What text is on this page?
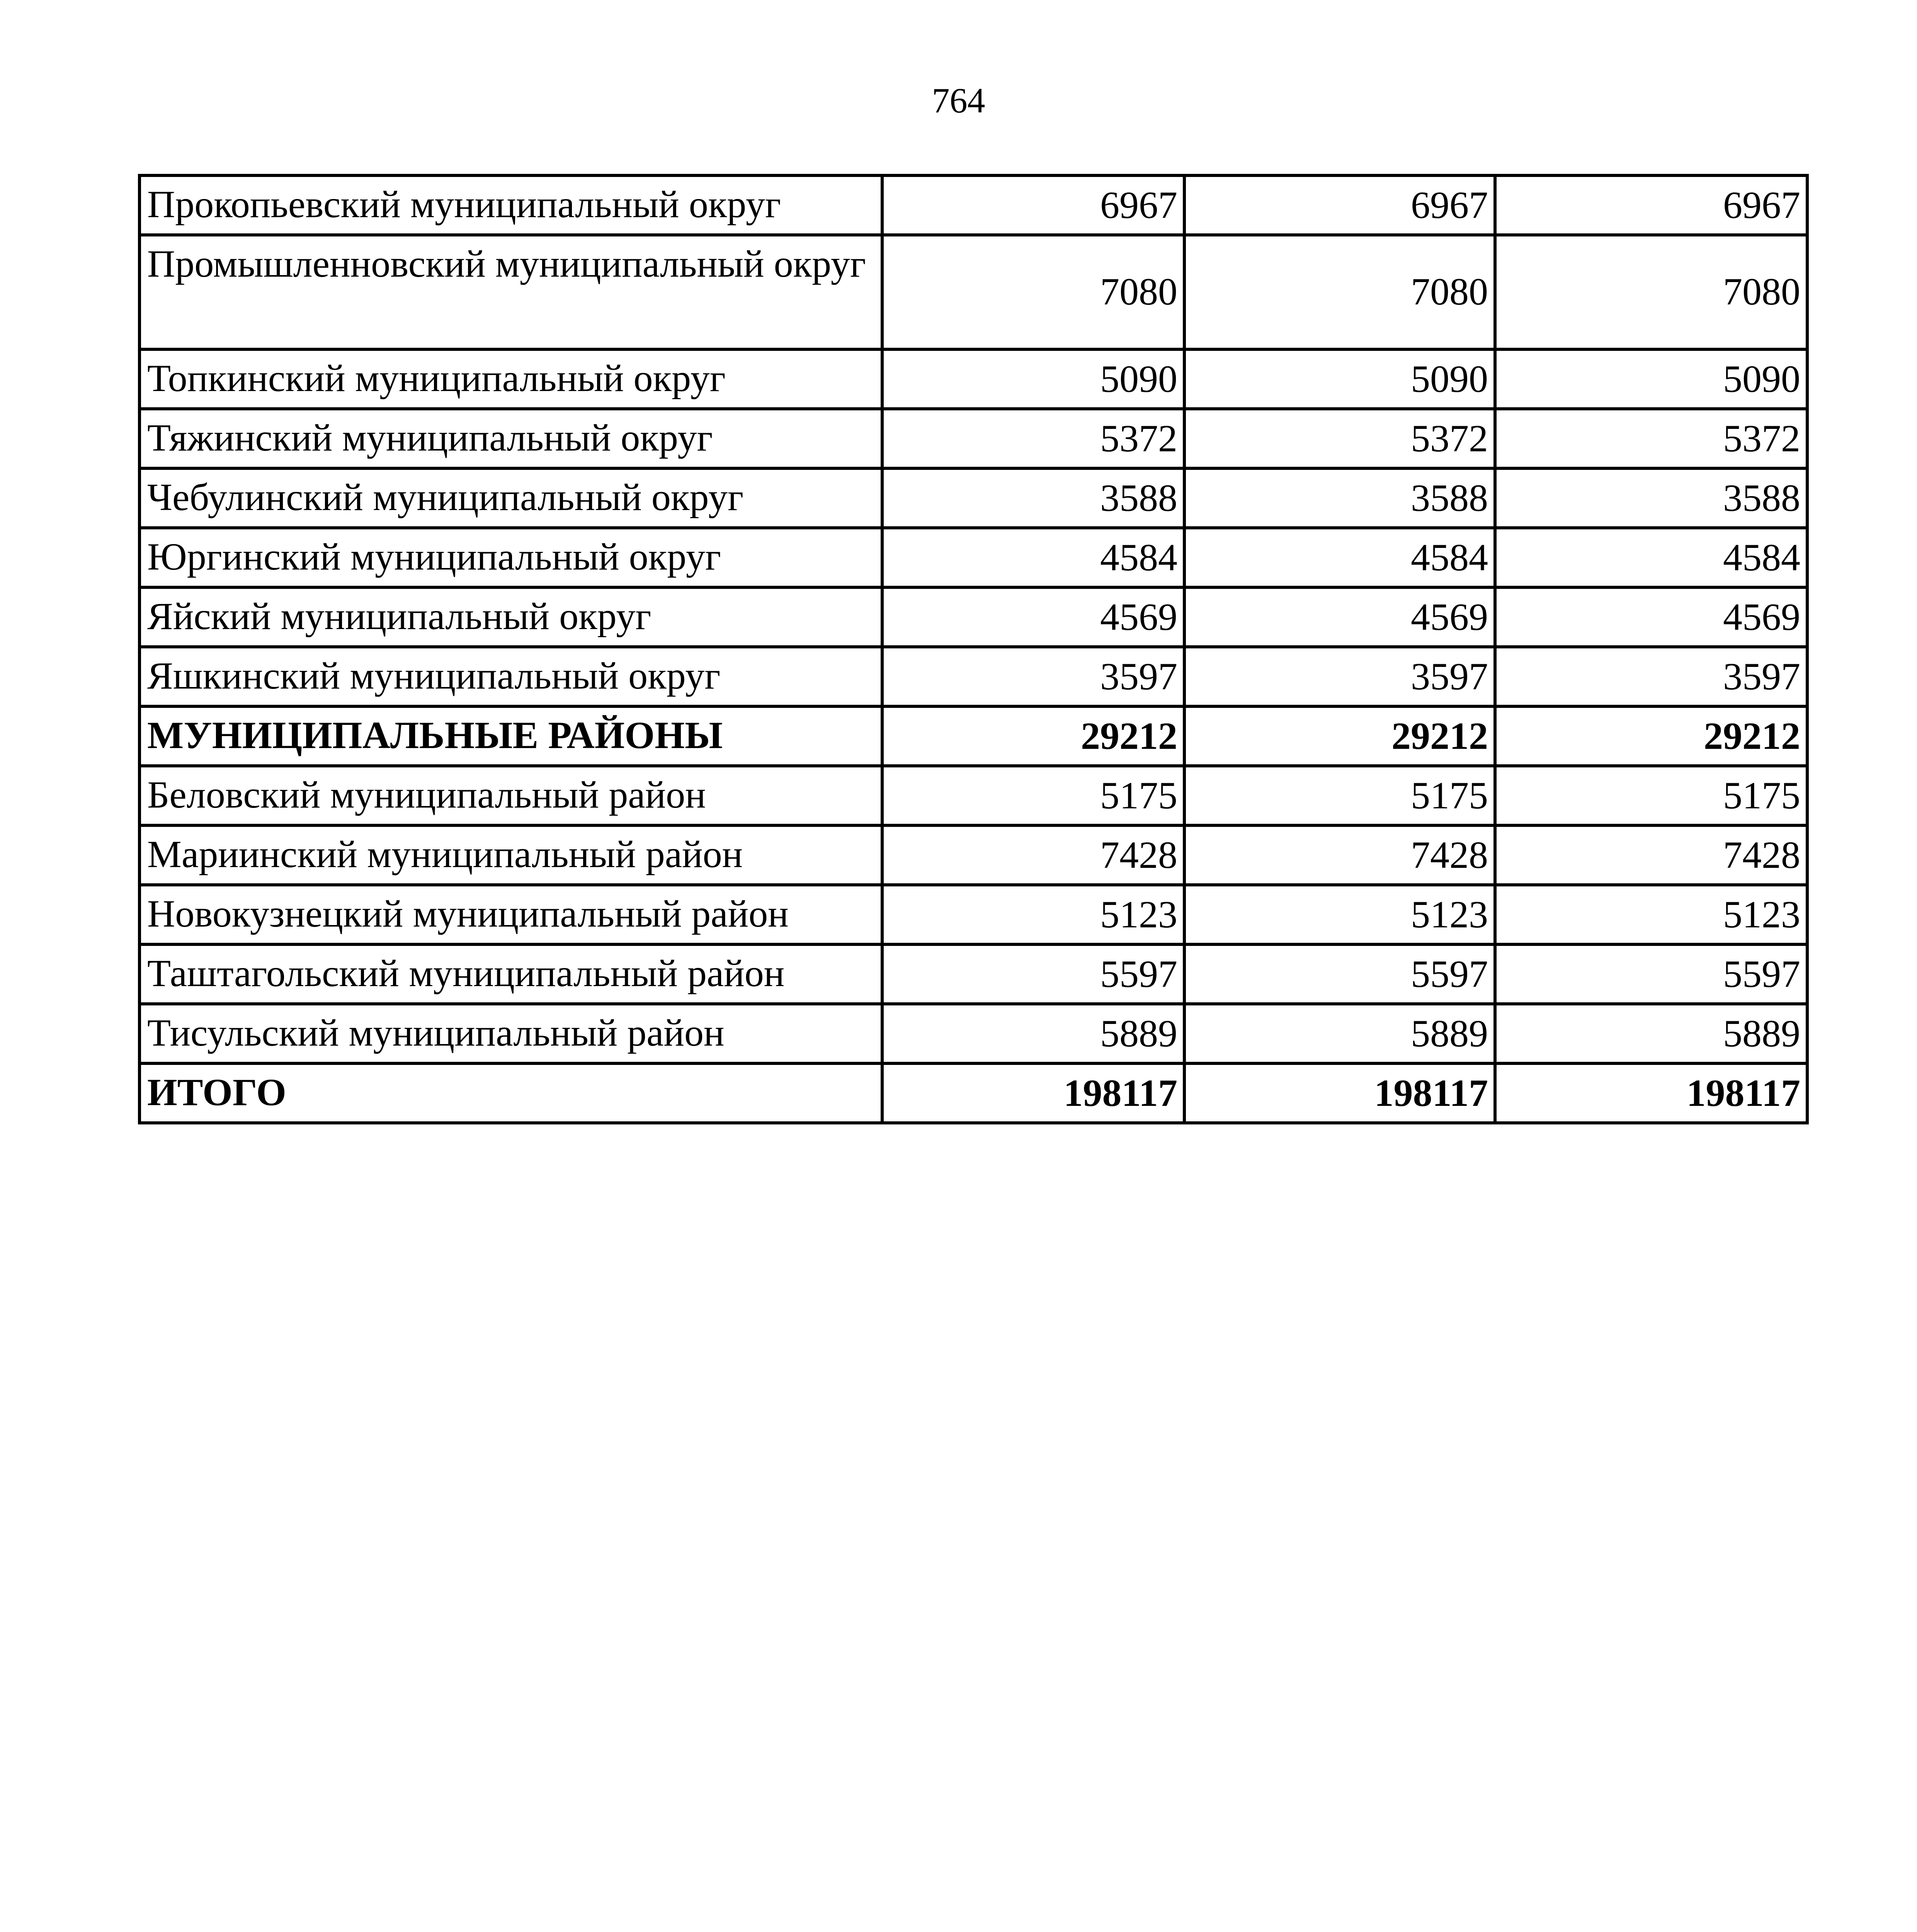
764
Прокопьевский муниципальный округ	6967	6967	6967
Промышленновский муниципальный округ	7080	7080	7080
Топкинский муниципальный округ	5090	5090	5090
Тяжинский муниципальный округ	5372	5372	5372
Чебулинский муниципальный округ	3588	3588	3588
Юргинский муниципальный округ	4584	4584	4584
Яйский муниципальный округ	4569	4569	4569
Яшкинский муниципальный округ	3597	3597	3597
МУНИЦИПАЛЬНЫЕ РАЙОНЫ	29212	29212	29212
Беловский муниципальный район	5175	5175	5175
Мариинский муниципальный район	7428	7428	7428
Новокузнецкий муниципальный район	5123	5123	5123
Таштагольский муниципальный район	5597	5597	5597
Тисульский муниципальный район	5889	5889	5889
ИТОГО	198117	198117	198117
